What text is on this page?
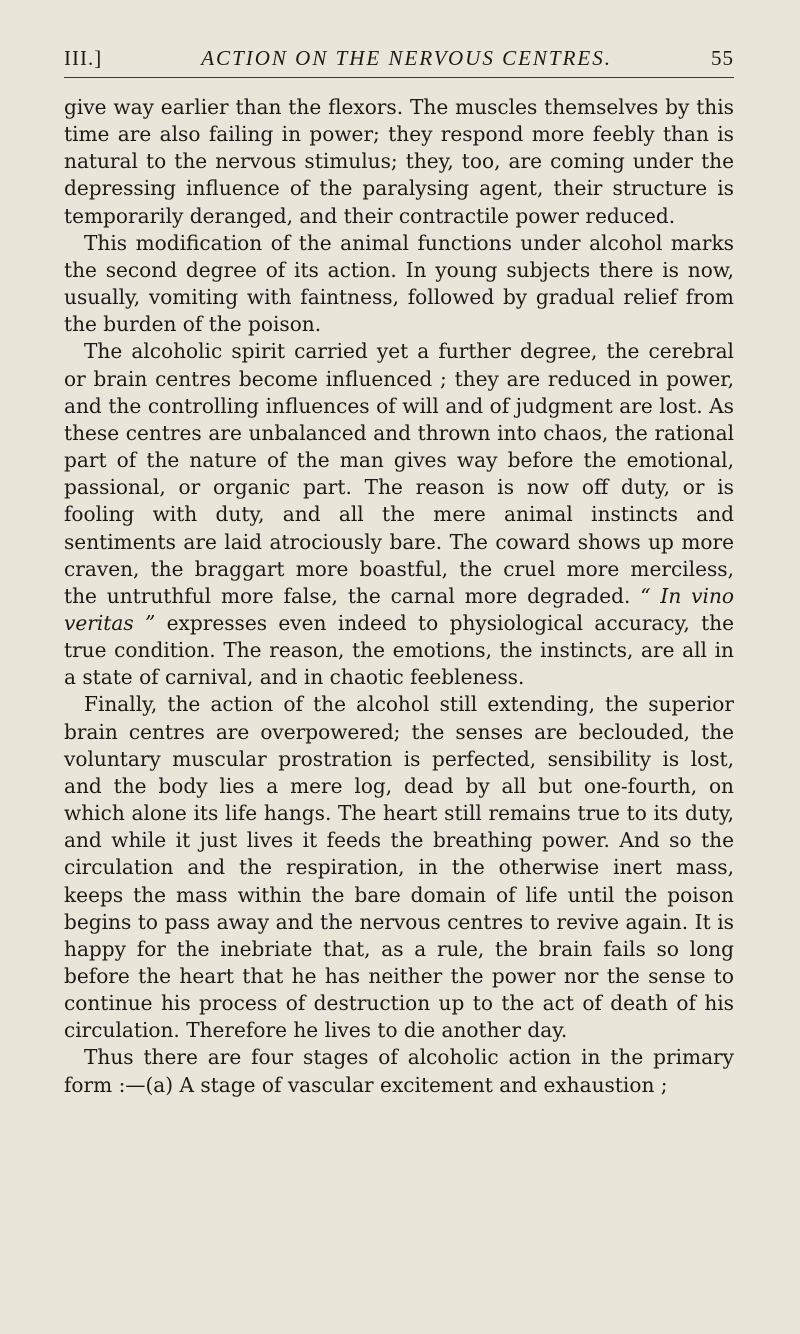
III.]	ACTION ON THE NERVOUS CENTRES.	55

give way earlier than the flexors. The muscles themselves by this time are also failing in power; they respond more feebly than is natural to the nervous stimulus; they, too, are coming under the depressing influence of the paralysing agent, their structure is temporarily deranged, and their contractile power reduced.

This modification of the animal functions under alcohol marks the second degree of its action. In young subjects there is now, usually, vomiting with faintness, followed by gradual relief from the burden of the poison.

The alcoholic spirit carried yet a further degree, the cerebral or brain centres become influenced ; they are reduced in power, and the controlling influences of will and of judgment are lost. As these centres are unbalanced and thrown into chaos, the rational part of the nature of the man gives way before the emotional, passional, or organic part. The reason is now off duty, or is fooling with duty, and all the mere animal instincts and sentiments are laid atrociously bare. The coward shows up more craven, the braggart more boastful, the cruel more merciless, the untruthful more false, the carnal more degraded. “ In vino veritas ” expresses even indeed to physiological accuracy, the true condition. The reason, the emotions, the instincts, are all in a state of carnival, and in chaotic feebleness.

Finally, the action of the alcohol still extending, the superior brain centres are overpowered; the senses are beclouded, the voluntary muscular prostration is perfected, sensibility is lost, and the body lies a mere log, dead by all but one-fourth, on which alone its life hangs. The heart still remains true to its duty, and while it just lives it feeds the breathing power. And so the circulation and the respiration, in the otherwise inert mass, keeps the mass within the bare domain of life until the poison begins to pass away and the nervous centres to revive again. It is happy for the inebriate that, as a rule, the brain fails so long before the heart that he has neither the power nor the sense to continue his process of destruction up to the act of death of his circulation. Therefore he lives to die another day.

Thus there are four stages of alcoholic action in the primary form :—(a) A stage of vascular excitement and exhaustion ;
